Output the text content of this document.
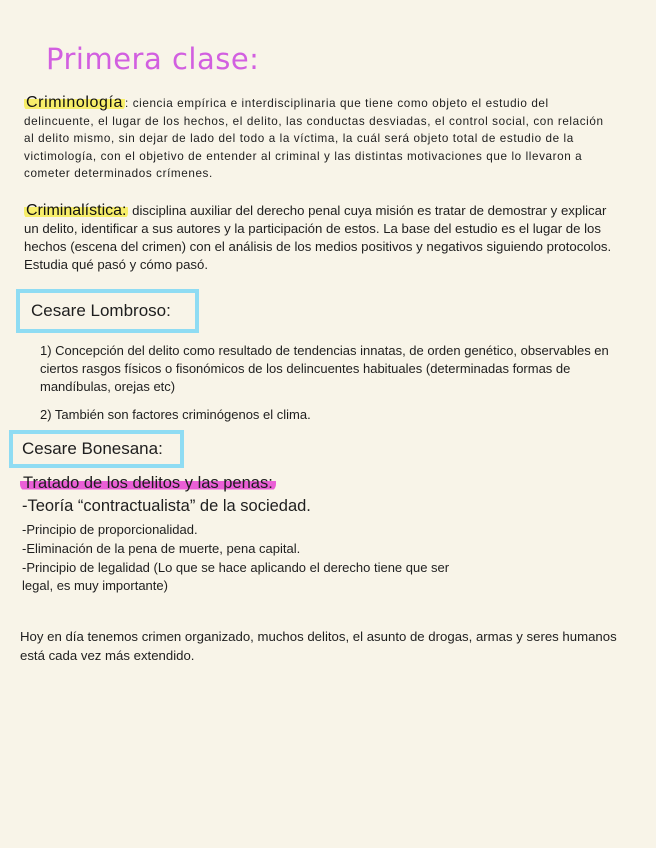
Primera clase:

Criminología : ciencia empírica e interdisciplinaria que tiene como objeto el estudio del delincuente, el lugar de los hechos, el delito, las conductas desviadas, el control social, con relación al delito mismo, sin dejar de lado del todo a la víctima, la cuál será objeto total de estudio de la victimología, con el objetivo de entender al criminal y las distintas motivaciones que lo llevaron a cometer determinados crímenes.

Criminalística: disciplina auxiliar del derecho penal cuya misión es tratar de demostrar y explicar un delito, identificar a sus autores y la participación de estos. La base del estudio es el lugar de los hechos (escena del crimen) con el análisis de los medios positivos y negativos siguiendo protocolos. Estudia qué pasó y cómo pasó.

Cesare Lombroso:

1) Concepción del delito como resultado de tendencias innatas, de orden genético, observables en ciertos rasgos físicos o fisonómicos de los delincuentes habituales (determinadas formas de mandíbulas, orejas etc)

2) También son factores criminógenos el clima.

Cesare Bonesana:
Tratado de los delitos y las penas:
-Teoría “contractualista” de la sociedad.

-Principio de proporcionalidad.

-Eliminación de la pena de muerte, pena capital.

-Principio de legalidad (Lo que se hace aplicando el derecho tiene que ser legal, es muy importante)

Hoy en día tenemos crimen organizado, muchos delitos, el asunto de drogas, armas y seres humanos está cada vez más extendido.
